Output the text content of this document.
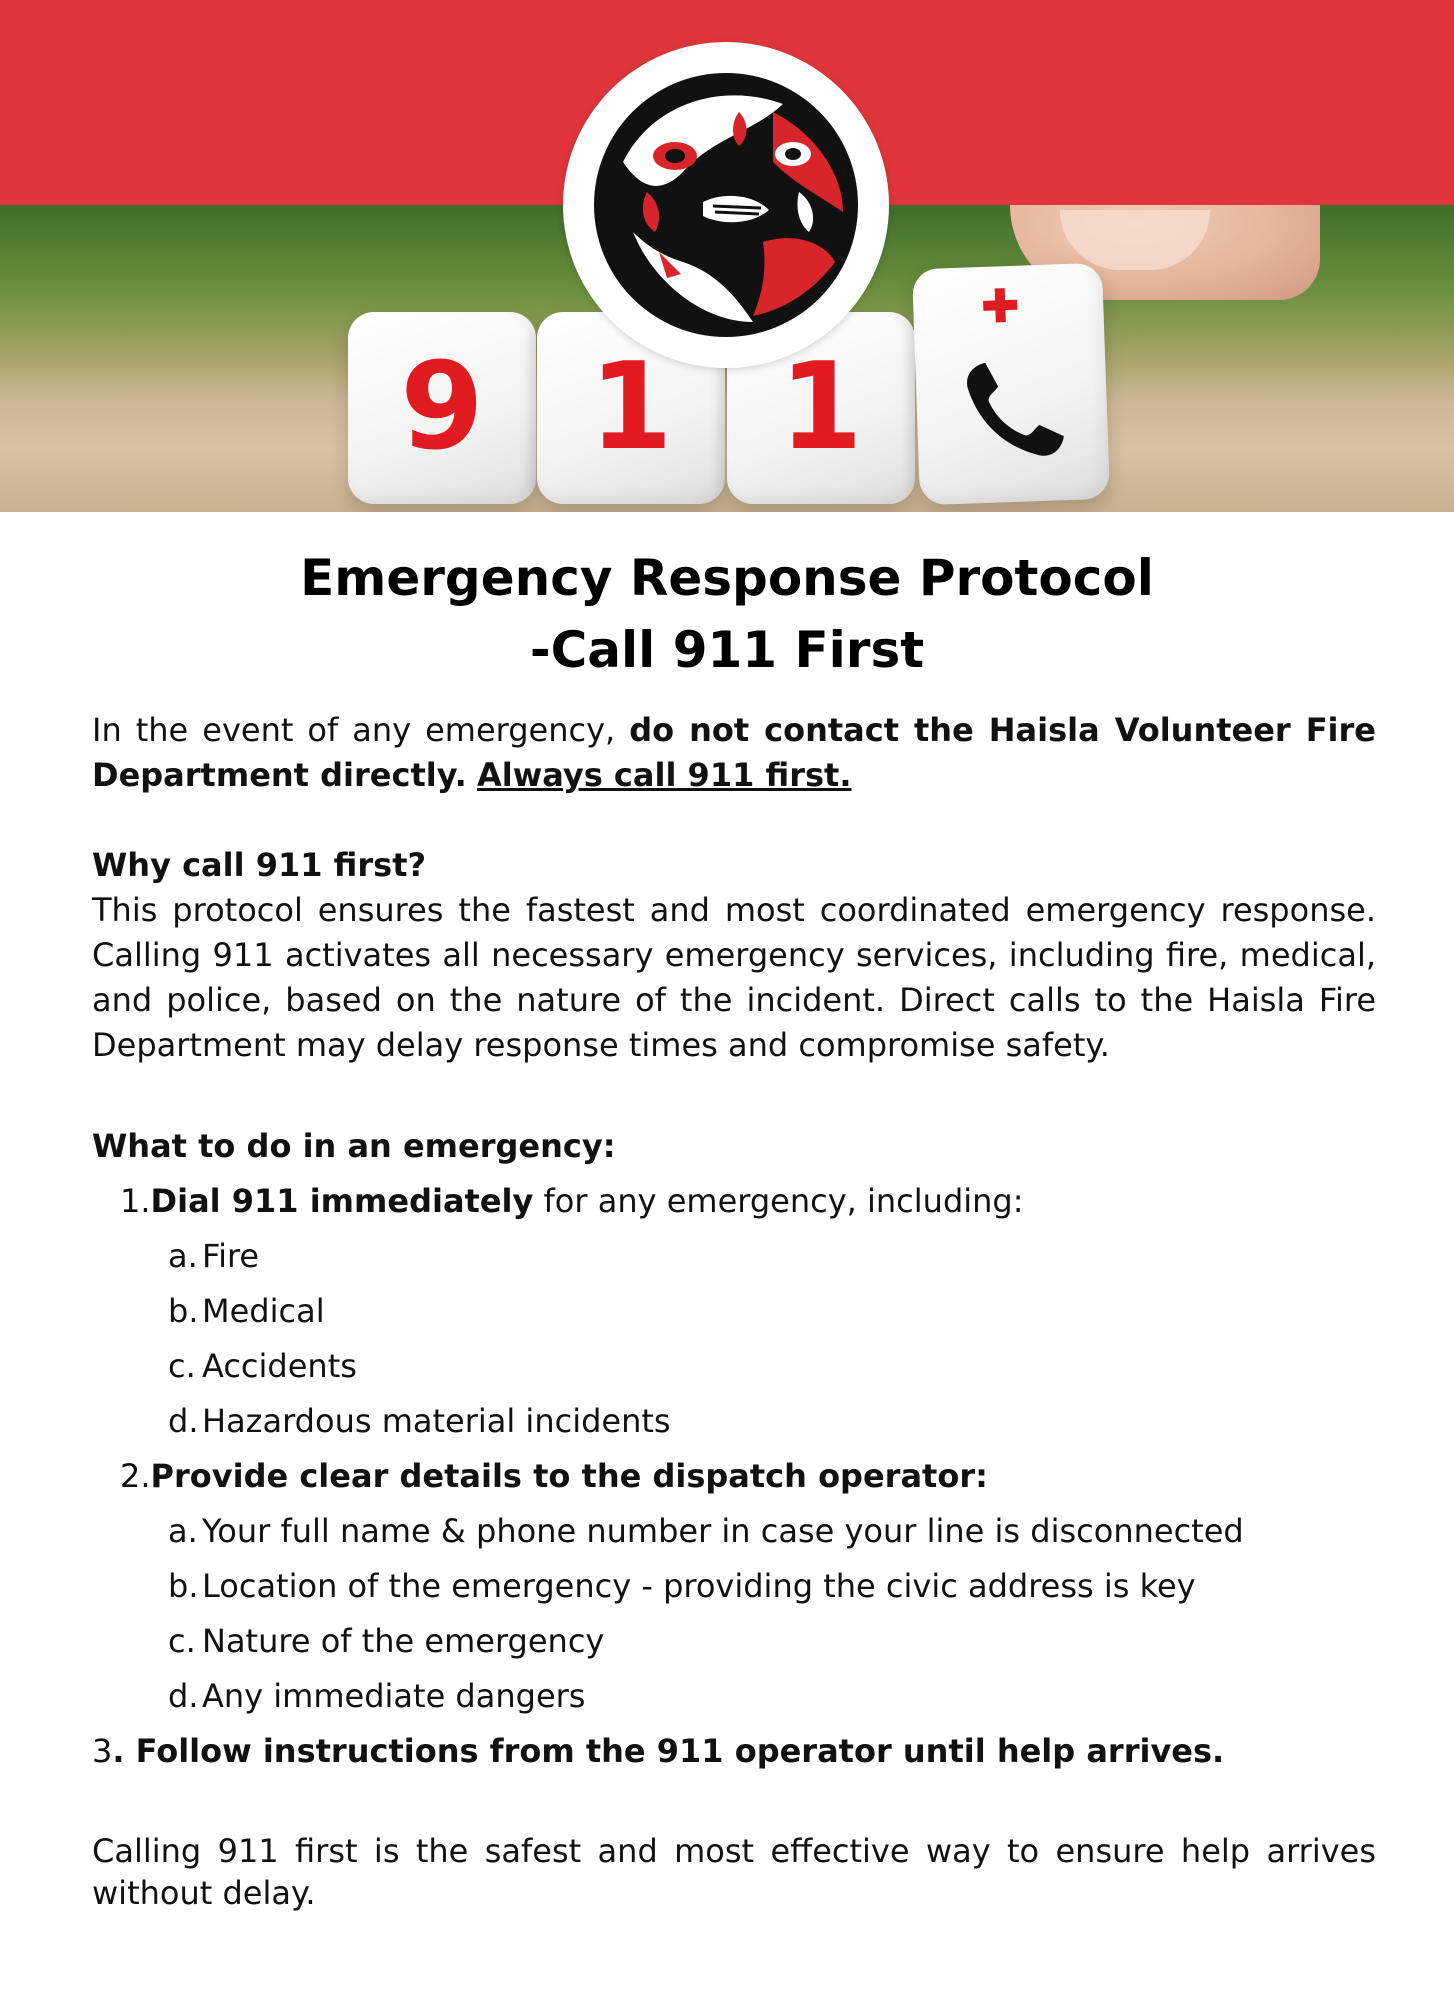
9 1 1
Emergency Response Protocol
-Call 911 First

In the event of any emergency, do not contact the Haisla Volunteer Fire Department directly. Always call 911 first.

Why call 911 first?
This protocol ensures the fastest and most coordinated emergency response. Calling 911 activates all necessary emergency services, including fire, medical, and police, based on the nature of the incident. Direct calls to the Haisla Fire Department may delay response times and compromise safety.
What to do in an emergency:
1. Dial 911 immediately for any emergency, including:
a. Fire
b. Medical
c. Accidents
d. Hazardous material incidents
2. Provide clear details to the dispatch operator:
a. Your full name & phone number in case your line is disconnected
b. Location of the emergency - providing the civic address is key
c. Nature of the emergency
d. Any immediate dangers
3 . Follow instructions from the 911 operator until help arrives.
Calling 911 first is the safest and most effective way to ensure help arrives without delay.
